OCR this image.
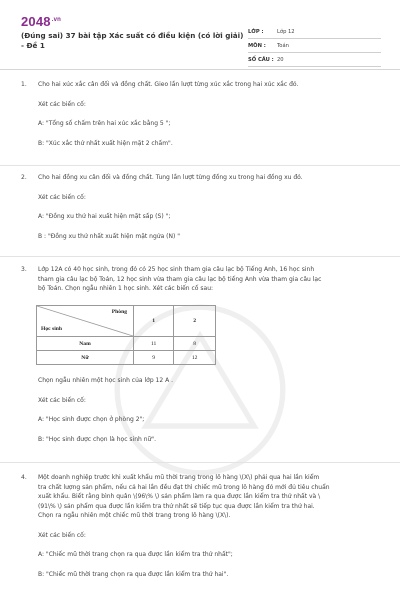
$2048^{.vn}$
(Đúng sai) 37 bài tập Xác suất có điều kiện (có lời giải) - Đề 1
LỚP :	Lớp 12
MÔN :	Toán
SỐ CÂU : 20
1. Cho hai xúc xắc cân đối và đồng chất. Gieo lần lượt từng xúc xắc trong hai xúc xắc đó.

Xét các biến cố:

A: "Tổng số chấm trên hai xúc xắc bằng 5 ";

B: "Xúc xắc thứ nhất xuất hiện mặt 2 chấm".

2. Cho hai đồng xu cân đối và đồng chất. Tung lần lượt từng đồng xu trong hai đồng xu đó.

Xét các biến cố:

A: "Đồng xu thứ hai xuất hiện mặt sấp (S) ";

B : "Đồng xu thứ nhất xuất hiện mặt ngửa (N) "

3. Lớp 12A có 40 học sinh, trong đó có 25 học sinh tham gia câu lạc bộ Tiếng Anh, 16 học sinh

tham gia câu lạc bộ Toán, 12 học sinh vừa tham gia câu lạc bộ tiếng Anh vừa tham gia câu lạc

bộ Toán. Chọn ngẫu nhiên 1 học sinh. Xét các biến cố sau:

Phòng
Học sinh	1	2
Nam	11	8
Nữ	9	12

Chọn ngẫu nhiên một học sinh của lớp 12 A .

Xét các biến cố:

A: "Học sinh được chọn ở phòng 2";

B: "Học sinh được chọn là học sinh nữ".

4. Một doanh nghiệp trước khi xuất khẩu mũ thời trang trong lô hàng \(X\) phải qua hai lần kiểm

tra chất lượng sản phẩm, nếu cả hai lần đều đạt thì chiếc mũ trong lô hàng đó mới đủ tiêu chuẩn

xuất khẩu. Biết rằng bình quân \(96\% \) sản phẩm làm ra qua được lần kiểm tra thứ nhất và \

(91\% \) sản phẩm qua được lần kiểm tra thứ nhất sẽ tiếp tục qua được lần kiểm tra thứ hai.

Chọn ra ngẫu nhiên một chiếc mũ thời trang trong lô hàng \(X\).

Xét các biến cố:

A: "Chiếc mũ thời trang chọn ra qua được lần kiểm tra thứ nhất";

B: "Chiếc mũ thời trang chọn ra qua được lần kiểm tra thứ hai".
